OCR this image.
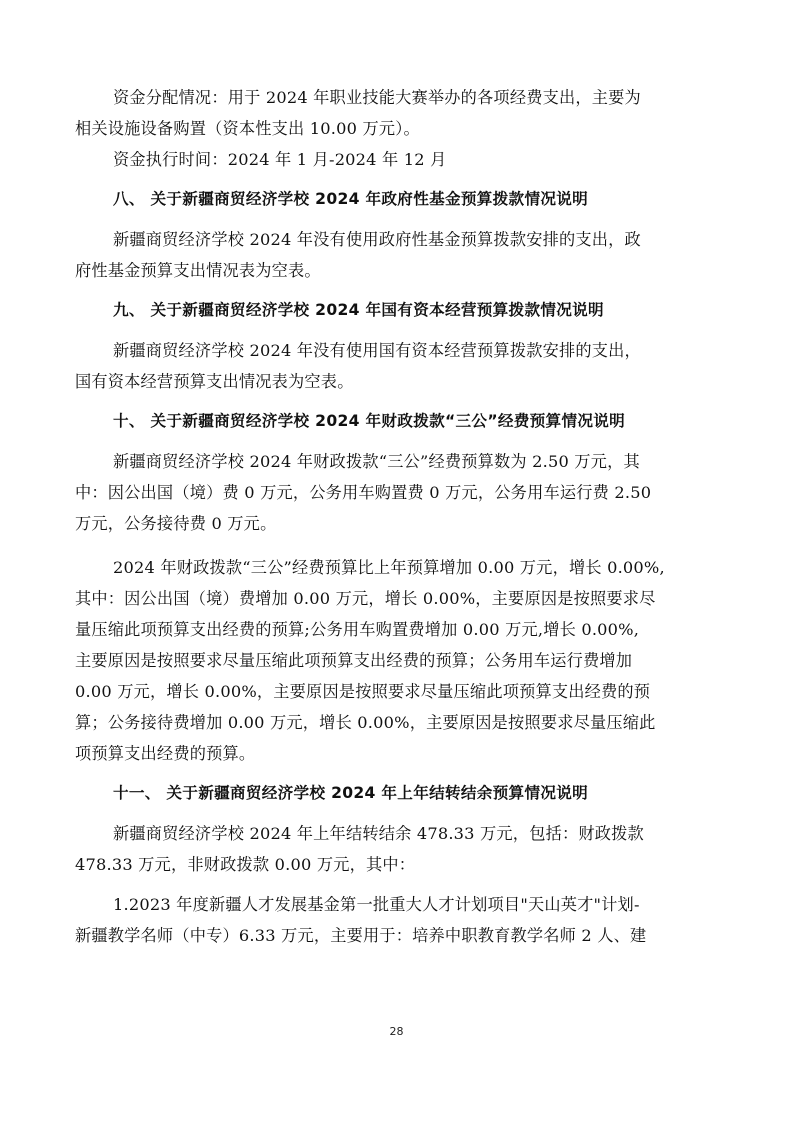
资金分配情况：用于 2024 年职业技能大赛举办的各项经费支出，主要为
相关设施设备购置（资本性支出 10.00 万元）。
资金执行时间：2024 年 1 月-2024 年 12 月
八、 关于新疆商贸经济学校 2024 年政府性基金预算拨款情况说明
新疆商贸经济学校 2024 年没有使用政府性基金预算拨款安排的支出，政
府性基金预算支出情况表为空表。
九、 关于新疆商贸经济学校 2024 年国有资本经营预算拨款情况说明
新疆商贸经济学校 2024 年没有使用国有资本经营预算拨款安排的支出，
国有资本经营预算支出情况表为空表。
十、 关于新疆商贸经济学校 2024 年财政拨款“三公”经费预算情况说明
新疆商贸经济学校 2024 年财政拨款“三公”经费预算数为 2.50 万元，其
中：因公出国（境）费 0 万元，公务用车购置费 0 万元，公务用车运行费 2.50
万元，公务接待费 0 万元。
2024 年财政拨款“三公”经费预算比上年预算增加 0.00 万元，增长 0.00%,
其中：因公出国（境）费增加 0.00 万元，增长 0.00%，主要原因是按照要求尽
量压缩此项预算支出经费的预算;公务用车购置费增加 0.00 万元,增长 0.00%,
主要原因是按照要求尽量压缩此项预算支出经费的预算；公务用车运行费增加
0.00 万元，增长 0.00%，主要原因是按照要求尽量压缩此项预算支出经费的预
算；公务接待费增加 0.00 万元，增长 0.00%，主要原因是按照要求尽量压缩此
项预算支出经费的预算。
十一、 关于新疆商贸经济学校 2024 年上年结转结余预算情况说明
新疆商贸经济学校 2024 年上年结转结余 478.33 万元，包括：财政拨款
478.33 万元，非财政拨款 0.00 万元，其中：
1.2023 年度新疆人才发展基金第一批重大人才计划项目"天山英才"计划-
新疆教学名师（中专）6.33 万元，主要用于：培养中职教育教学名师 2 人、建
28
